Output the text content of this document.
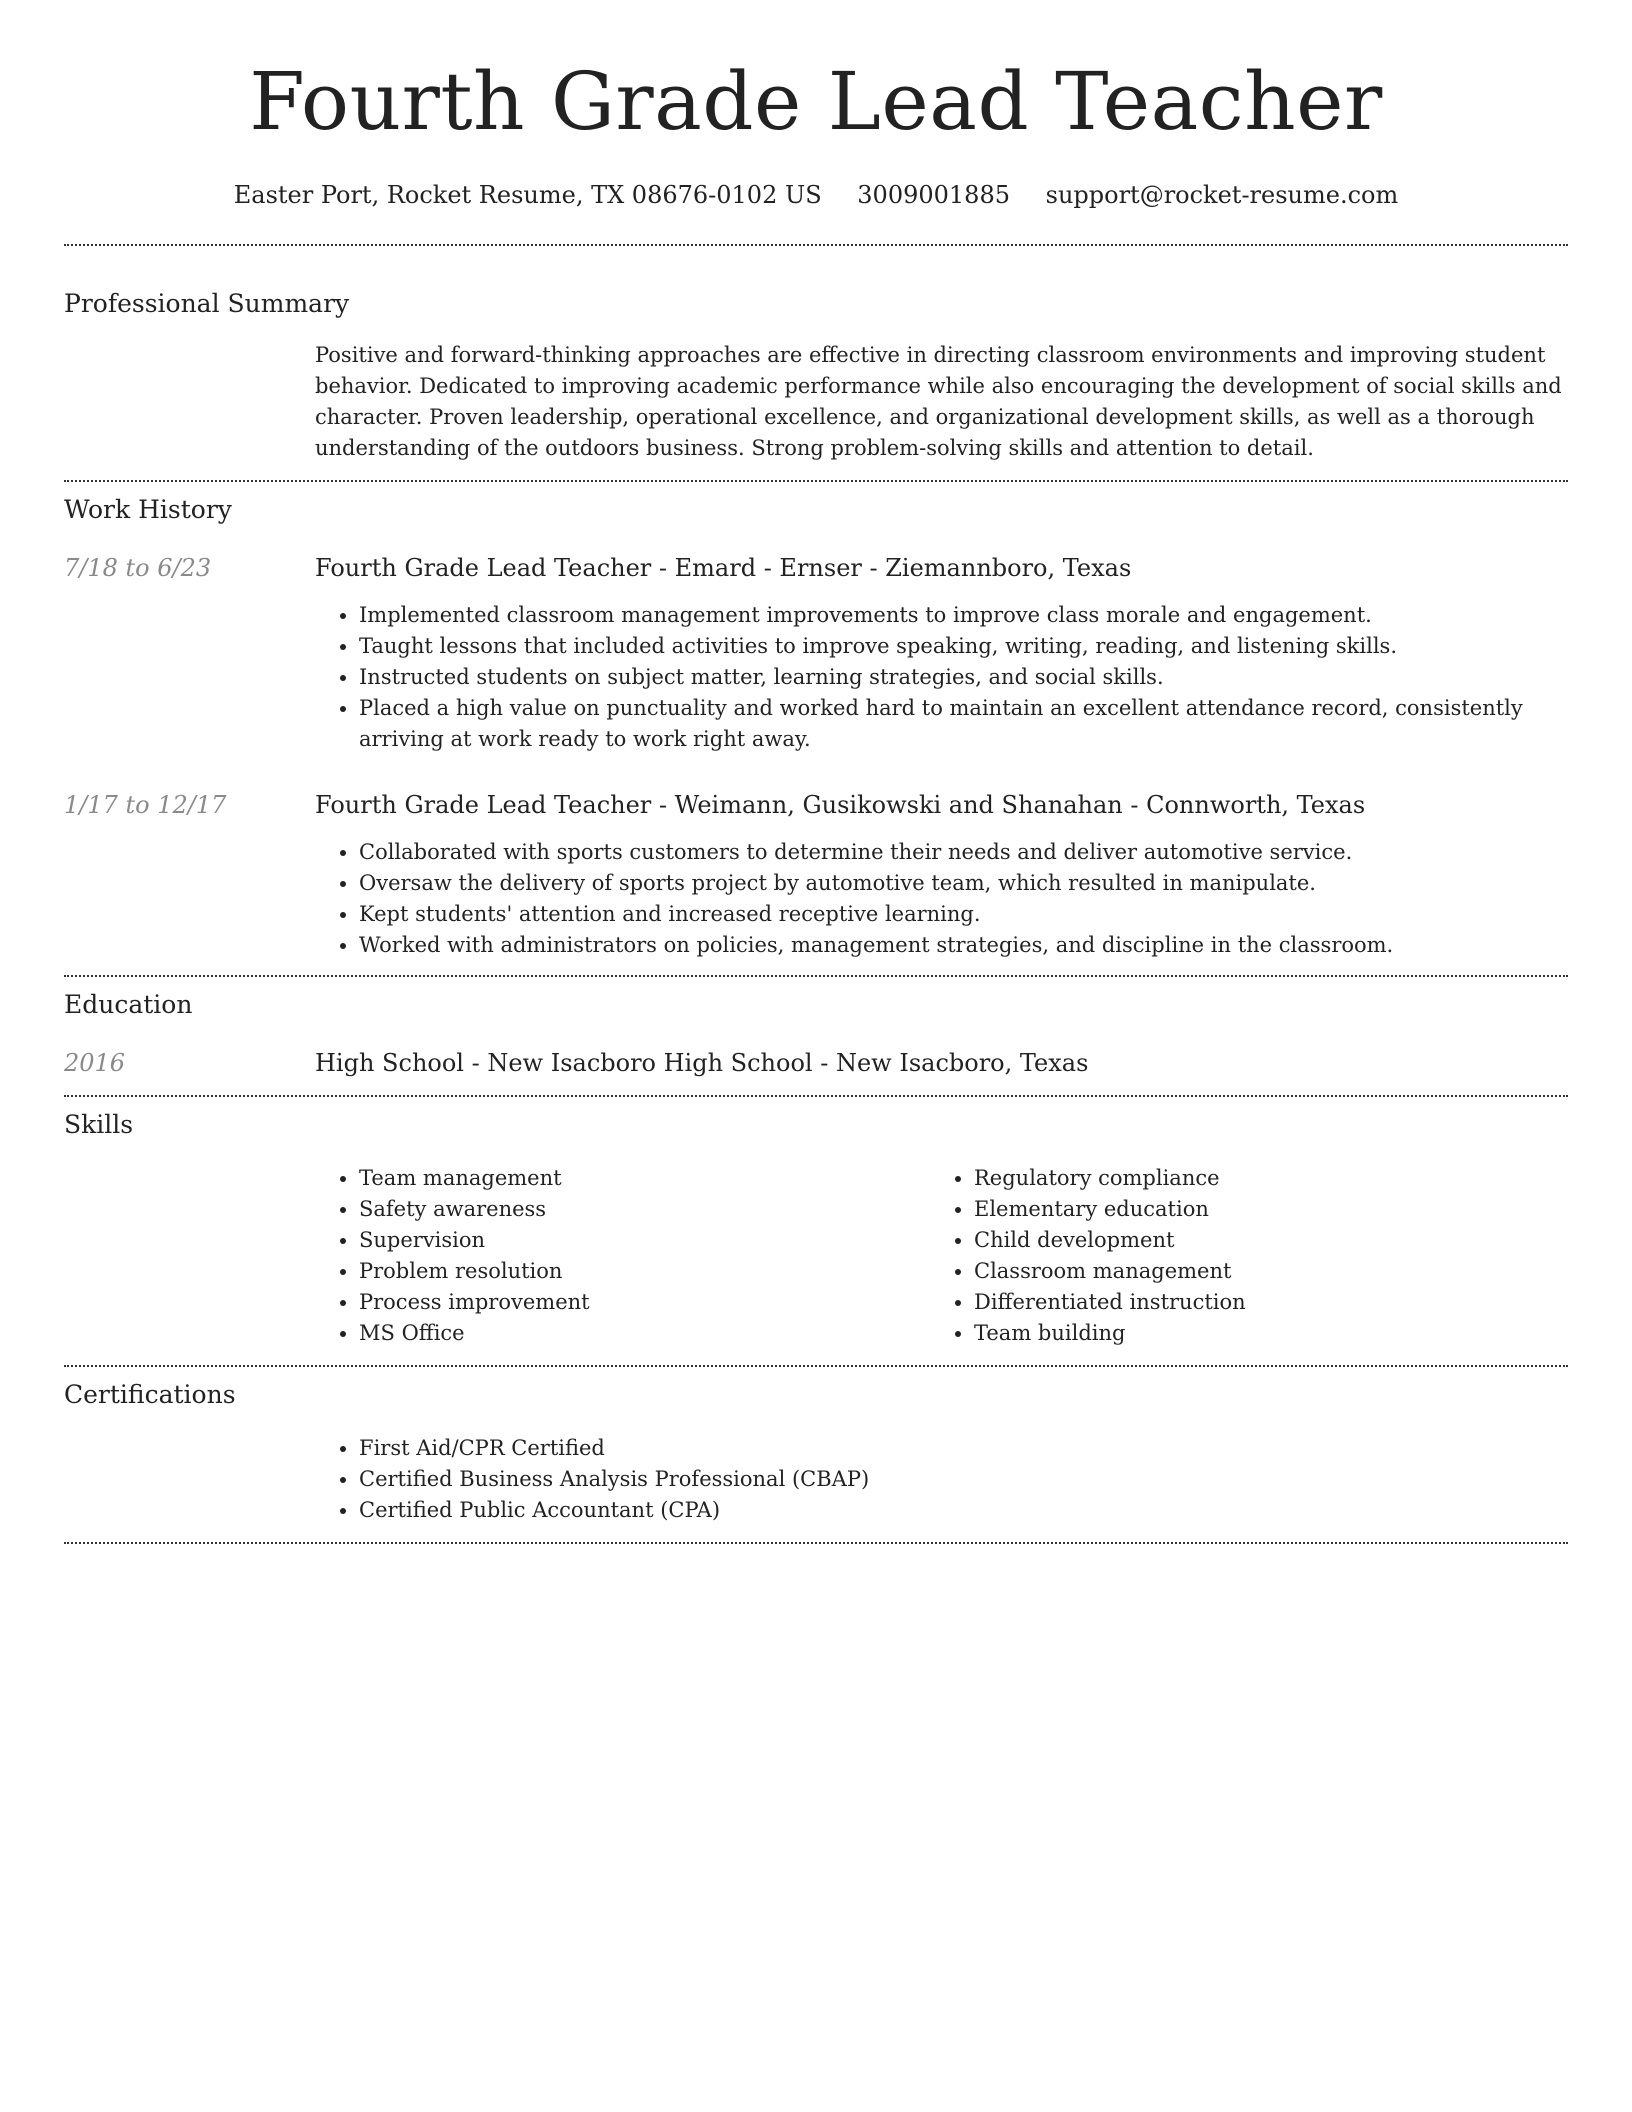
Fourth Grade Lead Teacher
Easter Port, Rocket Resume, TX 08676-0102 US 3009001885 support@rocket-resume.com
Professional Summary
Positive and forward-thinking approaches are effective in directing classroom environments and improving student behavior. Dedicated to improving academic performance while also encouraging the development of social skills and character. Proven leadership, operational excellence, and organizational development skills, as well as a thorough understanding of the outdoors business. Strong problem-solving skills and attention to detail.
Work History
7/18 to 6/23	Fourth Grade Lead Teacher - Emard - Ernser - Ziemannboro, Texas
• Implemented classroom management improvements to improve class morale and engagement.
• Taught lessons that included activities to improve speaking, writing, reading, and listening skills.
• Instructed students on subject matter, learning strategies, and social skills.
• Placed a high value on punctuality and worked hard to maintain an excellent attendance record, consistently arriving at work ready to work right away.
1/17 to 12/17	Fourth Grade Lead Teacher - Weimann, Gusikowski and Shanahan - Connworth, Texas
• Collaborated with sports customers to determine their needs and deliver automotive service.
• Oversaw the delivery of sports project by automotive team, which resulted in manipulate.
• Kept students' attention and increased receptive learning.
• Worked with administrators on policies, management strategies, and discipline in the classroom.
Education
2016	High School - New Isacboro High School - New Isacboro, Texas
Skills
• Team management
• Safety awareness
• Supervision
• Problem resolution
• Process improvement
• MS Office
• Regulatory compliance
• Elementary education
• Child development
• Classroom management
• Differentiated instruction
• Team building
Certifications
• First Aid/CPR Certified
• Certified Business Analysis Professional (CBAP)
• Certified Public Accountant (CPA)
